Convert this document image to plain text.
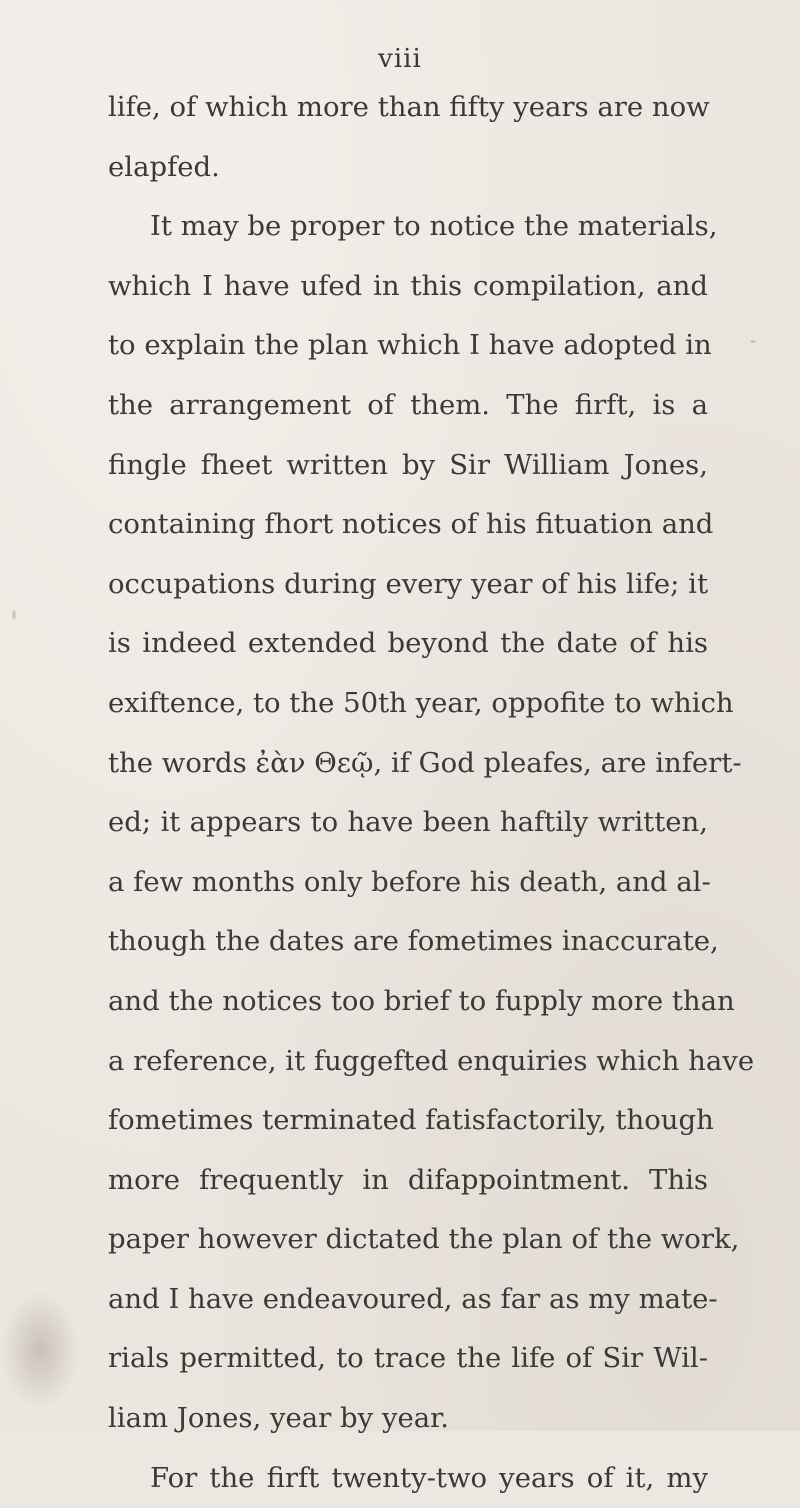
viii
life, of which more than fifty years are now
elapfed.
It may be proper to notice the materials,
which I have ufed in this compilation, and
to explain the plan which I have adopted in
the arrangement of them. The firft, is a
fingle fheet written by Sir William Jones,
containing fhort notices of his fituation and
occupations during every year of his life; it
is indeed extended beyond the date of his
exiftence, to the 50th year, oppofite to which
the words ἐὰν Θεῷ, if God pleafes, are infert-
ed; it appears to have been haftily written,
a few months only before his death, and al-
though the dates are fometimes inaccurate,
and the notices too brief to fupply more than
a reference, it fuggefted enquiries which have
fometimes terminated fatisfactorily, though
more frequently in difappointment. This
paper however dictated the plan of the work,
and I have endeavoured, as far as my mate-
rials permitted, to trace the life of Sir Wil-
liam Jones, year by year.
For the firft twenty-two years of it, my
